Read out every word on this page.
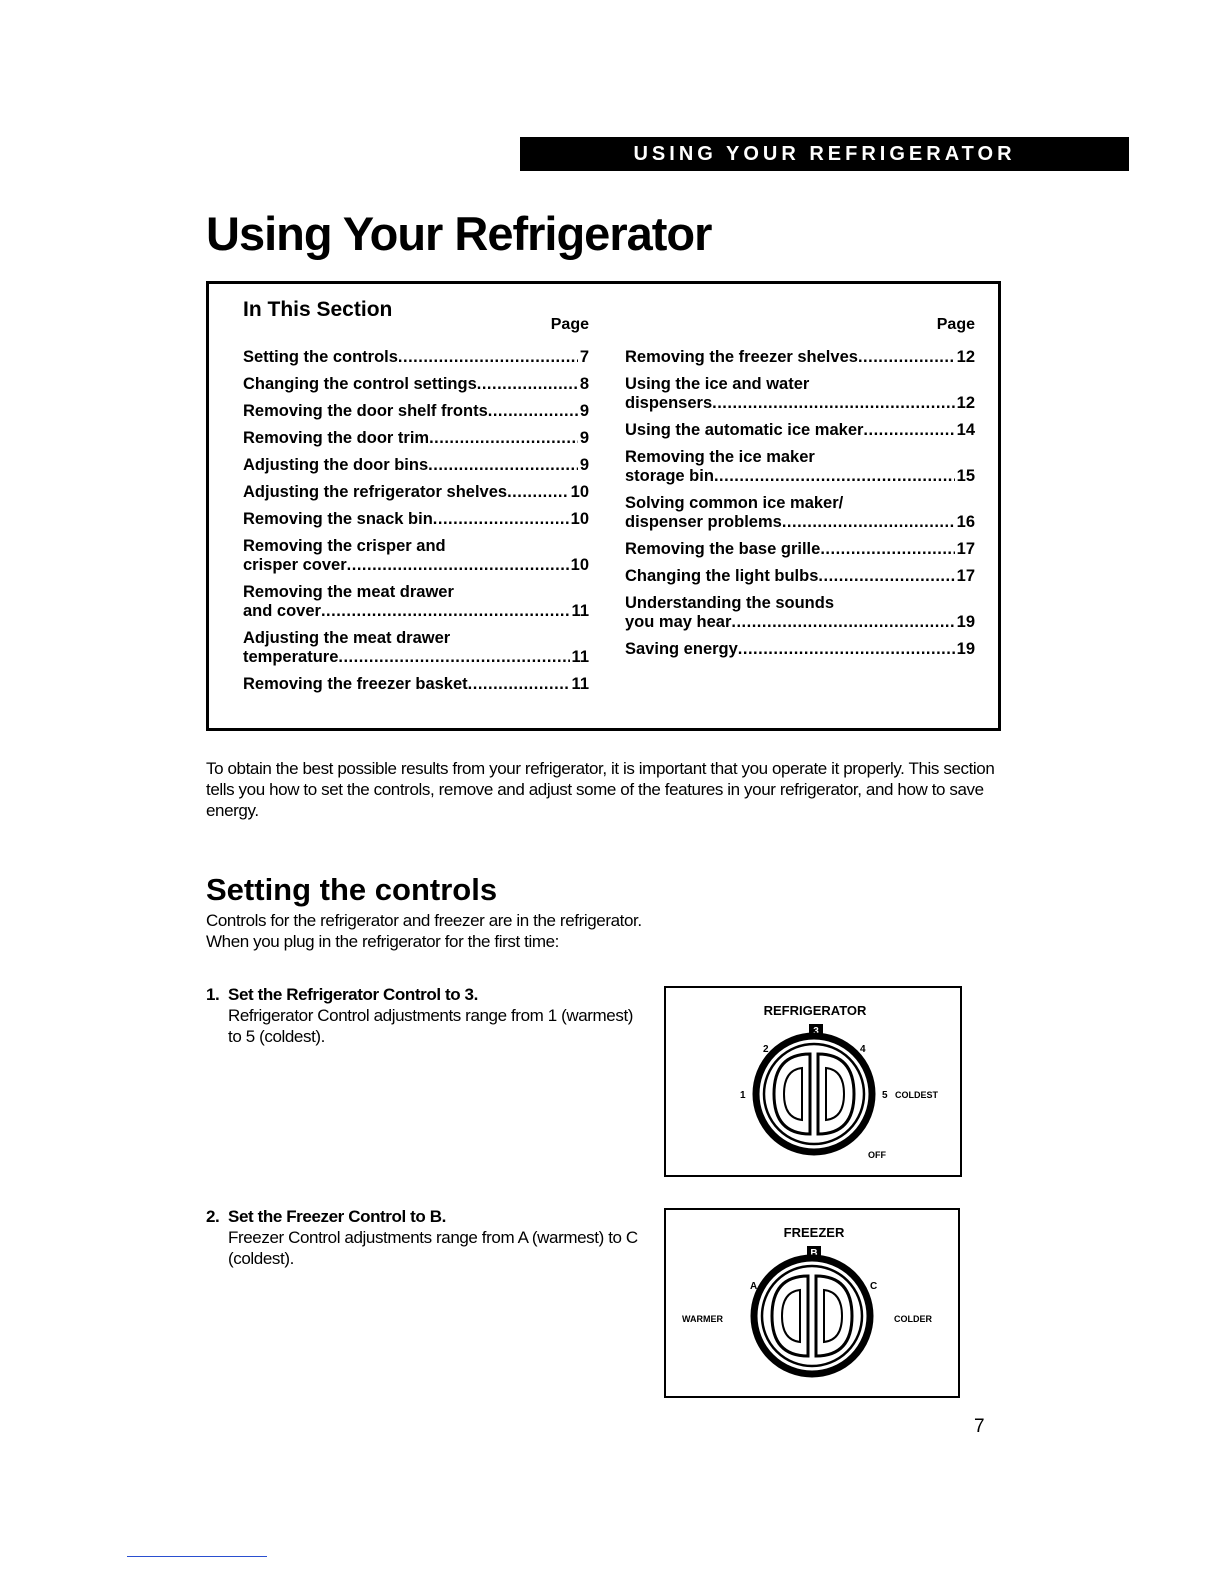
USING YOUR REFRIGERATOR
Using Your Refrigerator
In This Section
Page
Setting the controls .....	7
Changing the control settings .....	8
Removing the door shelf fronts .....	9
Removing the door trim .....	9
Adjusting the door bins .....	9
Adjusting the refrigerator shelves .....	10
Removing the snack bin .....	10
Removing the crisper and
crisper cover .....	10
Removing the meat drawer
and cover .....	11
Adjusting the meat drawer
temperature .....	11
Removing the freezer basket .....	11
Page
Removing the freezer shelves .....	12
Using the ice and water
dispensers .....	12
Using the automatic ice maker .....	14
Removing the ice maker
storage bin .....	15
Solving common ice maker/
dispenser problems .....	16
Removing the base grille .....	17
Changing the light bulbs .....	17
Understanding the sounds
you may hear .....	19
Saving energy .....	19

To obtain the best possible results from your refrigerator, it is important that you operate it properly. This section tells you how to set the controls, remove and adjust some of the features in your refrigerator, and how to save energy.

Setting the controls

Controls for the refrigerator and freezer are in the refrigerator. When you plug in the refrigerator for the first time:

1. Set the Refrigerator Control to 3.
Refrigerator Control adjustments range from 1 (warmest) to 5 (coldest).
2. Set the Freezer Control to B.
Freezer Control adjustments range from A (warmest) to C (coldest).
REFRIGERATOR
3
2	4
1	5 COLDEST
OFF
FREEZER
B
A	C
WARMER	COLDER
7
